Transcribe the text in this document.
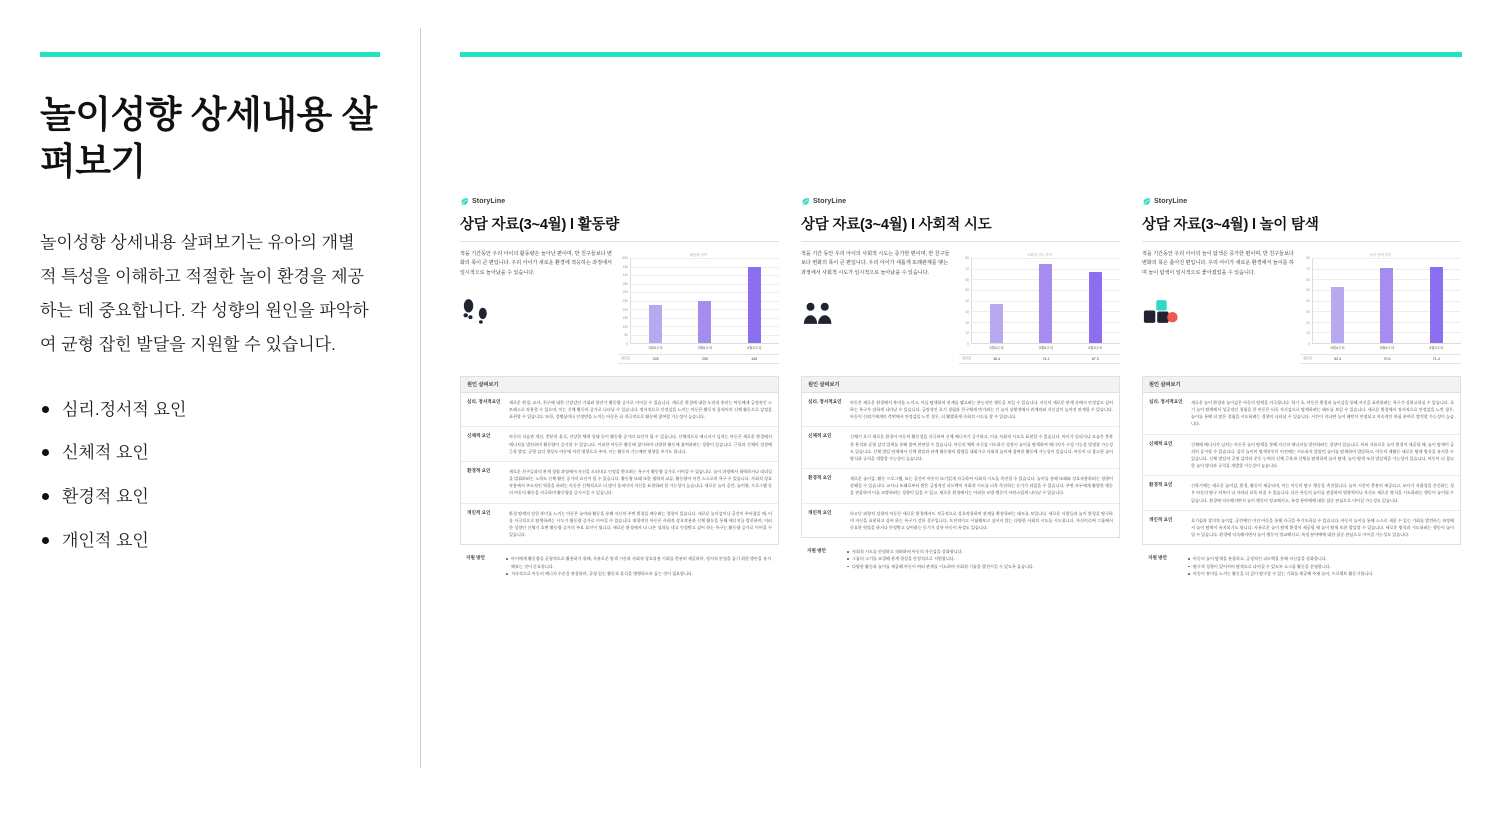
놀이성향 상세내용 살펴보기

놀이성향 상세내용 살펴보기는 유아의 개별적 특성을 이해하고 적절한 놀이 환경을 제공하는 데 중요합니다. 각 성향의 원인을 파악하여 균형 잡힌 발달을 지원할 수 있습니다.

심리.정서적 요인
신체적 요인
환경적 요인
개인적 요인
StoryLine
상담 자료(3~4월) l 활동량

적을 기간동안 우리 아이의 활동량은 놀아난 편이며, 반 친구들보다 변화의 폭이 큰 편입니다. 우리 아이가 새로운 환경에 적응하는 과정에서 일시적으로 놀아났을 수 있습니다.

활동량 추이
500
450
400
350
300
250
200
150
100
50
0
3월4주차	3월6주차	4월3주차
평균값	226	250	445
원인 살펴보기
심리. 정서적요인	새로운 환경, 교사, 친구에 대한 긴장감인 기대와 불안가 활동량 증가로 이어질 수 있습니다. 새로운 환경에 대한 도전과 흥미는 아동에게 긍정적인 스트레스로 작용할 수 있으며, 이는 신체 활동의 증가로 나타날 수 있습니다. 정서적으로 안정감을 느끼는 아동은 활동적 움직이며 신체 활동으로 감정을 표현할 수 있습니다. 또한, 경쟁심이나 인정받을 느끼는 아동은 더 적극적으로 활동에 참여할 가능성이 높습니다.
신체적 요인	아동의 식습관 개선, 충분한 휴식, 건강한 체력 상태 등이 활동량 증가의 요인이 될 수 있습니다. 신체적으로 에너지가 넘치는 아동은 새로운 환경에서 에너지를 발산하며 활동량이 증가할 수 있습니다. 이러한 아동은 활동에 참가하며 다양한 활동에 참여하려는 경향이 있습니다. 근육과 신체의 성장에 근육 발달, 균형 감각 향상도 아동에 이런 영향으로 주며, 이는 활동의 기능에만 영향을 주기도 합니다.
환경적 요인	새로운 친구들과의 관계 경험 과정에서 자신을 드러내고 인정을 받으려는 욕구가 활동량 증가로 이어질 수 있습니다. 놀이 과정에서 협력하거나 리더십을 발휘하려는 노력도 신체 활동 증가의 요인이 될 수 있습니다. 활동량 또래 또한 협력적 교류, 활동량이 이런 스스로의 욕구 수 있습니다. 사회적 상호작용에서 주도적인 역할을 하려는 아동은 신체적으로 더 많이 움직이며 자신을 표현하려 할 가능성이 높습니다. 새로운 놀이 공간, 놀이양, 프로그램 등의 아동의 활동을 자극하며 활동량을 증가시킬 수 있습니다.
개인적 요인	환경 탐색의 강한 흥미를 느끼는 아동은 놀이와 활동을 통해 자신의 주변 환경을 배우려는 경향이 있습니다. 새로운 놀이감이나 공간이 주어졌을 때, 이를 자극적으로 탐색하려는 시도가 활동량 증가로 이어질 수 있습니다. 외향적인 아동은 사회적 상호작용과 신체 활동을 통해 에너지를 발산하며, 이러한 성향인 신체기 호변 활동량 증가의 주요 요인이 됩니다. 새로운 환경에서 더 나은 성과를 내고 인정받고 싶어 하는 욕구는 활동량 증가로 이어질 수 있습니다.
지원 방안	아이에게 활동량을 균형적으로 활용하기 위해, 자유로운 암색 시간과 사회적 상호작용 기회를 충분히 제공하며, 정서적 안정을 돕기 위한 방안을 유지해보는 것이 중요합니다.
지속적으로 아동의 에너지 수준을 관찰하며, 균형 있는 활동과 휴식을 병행하도록 돕는 것이 필요합니다.
StoryLine
상담 자료(3~4월) l 사회적 시도

적을 기간 동안 우리 아이의 사회적 시도는 증가한 편이며, 반 친구들보다 변화의 폭이 큰 편입니다. 우리 아이가 새롭게 또래관계를 맺는 과정에서 사회적 시도가 일시적으로 놀아났을 수 있습니다.

사회적 시도 추이
80
70
60
50
40
30
20
10
0
3월4주차	3월6주차	4월3주차
평균값	36.4	74.1	67.3
원인 살펴보기
심리. 정서적요인	아동은 새로운 환경에서 흥미를 느끼고, 이를 탐색하며 관계를 맺으려는 본능적인 행동을 보일 수 있습니다. 자신의 새로운 관계 속에서 안정감고 싶어 하는 욕구가 강하게 나타날 수 있습니다. 긍정적인 초기 경험과 친구에게 반기려는 긴 놀이 상황적에서 관계의와 자신감이 높아진 관계될 수 있습니다. 아동이 신뢰기에게의 측면에서 안정감을 느낀 경우, 더 활발하게 사회적 시도를 할 수 있습니다.
신체적 요인	신체기 호기 새로운 환경이 아동의 활동성을 자극하여 신체 에너지가 증가하고, 이를 사회적 시도로 표현할 수 있습니다. 아이가 달리거나 모습은 충분한 분석과 균형 감각 있게를 통해 참여 관련할 수 있습니다. 아동의 체력 자신감 시도하기 성장이 놀이를 탐색하여 에너지가 구성 기능을 발생할 가능성도 있습니다. 신체 발달 단계에서 신체 발달과 관계 활동량의 발생을 대회기로 사회적 놀이에 참여한 활동에 가능성이 있습니다. 아동이 더 참고한 놀이 방식과 규칙을 개발할 가능성이 높습니다.
환경적 요인	새로운 놀이감, 활동 프로그램, 또는 공간이 아동이 또기있게 자극하여 사회적 시도를 촉진할 수 있습니다. 놀이를 통해 또래와 상호작용하려는 경향이 강해질 수 있습니다. 교사나 또래로부터 받은 긍정적인 피드백이 사회적 시도를 더욱 촉진하는 동기가 되었을 수 있습니다. 주변 모두에게 활발한 행동을 관찰하며 이를 모방하려는 경향이 있을 수 있고, 새로운 환경에서는 이러한 모방 행동이 자연스럽게 나타날 수 있습니다.
개인적 요인	타고난 외향적 성향의 아동은 새로운 환경에서도 적극적으로 상호작용하며 관계를 확장하려는 태도를 보입니다. 새로운 사람들과 놀이 환경을 탐구하며 자신을 표현하고 싶어 하는 욕구가 강한 경우입니다. 도전적이고 시험해보고 싶어지 않는 다양한 사회적 시도를 시도합니다. 자신이로써 그룹에서 중요한 역할을 하거나 안정받고 싶어하는 동기가 강한 아동이 특성도 있습니다.
지원 방안	사회적 시도를 안정하고 격려하며 아동의 자신감을 강화합니다.
그룹의 크기를 조절해 관계 형성을 안정적으로 지원합니다.
다양한 활동과 놀이를 제공해 아동이 여러 관계를 시도하며 사회적 기술을 발전시킬 수 있도록 돕습니다.
StoryLine
상담 자료(3~4월) l 놀이 탐색

적을 기간동안 우리 아이의 놀이 탐색은 증가한 편이며, 반 친구들보다 변화의 폭은 좁아진 편입니다. 우리 아이가 새로운 환경에서 놀이를 하며 놀이 탐색이 일시적으로 좋아졌었을 수 있습니다.

놀이 탐색 추이
80
70
60
50
40
30
20
10
0
3월4주차	3월6주차	4월3주차
평균값	52.3	70.5	71.4
원인 살펴보기
심리. 정서적요인	새로운 놀이 환경과 놀이감은 아동의 탐색을 자극합니다. 학기 초, 아동은 환경과 놀이감을 통해 자신을 표현하려는 욕구가 강하고하실 수 있습니다. 초기 놀이 탐색에서 성공적인 경험을 한 아동은 더욱 자신감으로 탐색하려는 태도를 보일 수 있습니다. 새로운 환경에서 정서적으로 안정감을 느낀 경우, 놀이를 통해 더 많은 경험을 시도하려는 경향이 나타날 수 있습니다. 시간이 지나면 놀이 패턴이 안정되고 지속적인 관심 분야로 발전할 가능성이 높습니다.
신체적 요인	신체에 에너지가 넘치는 아동은 놀이 탐색을 통해 자신의 에너지를 발산하려는 경향이 있습니다. 특히 자유로운 놀이 환경이 제공될 때, 놀이 탐색이 급격히 증가할 수 있습니다. 감각 놀이이 탐색적인이 이전에는 시도하지 않았던 놀이를 탐색하며 발달하고, 아동의 재활동 새로운 탐색 방식을 유지한 수 있습니다. 신체 발달의 균형 감각과 운동 능력의 신체 근육과 신체를 탐색하게 놀이 탐색, 놀이 탐색 또한 발달력을 가능성이 있습니다. 아동이 더 참고한 놀이 방식과 규칙을 개발할 가능성이 높습니다.
환경적 요인	신학기에는 새로운 놀이감, 환경, 활동이 제공되며, 이는 아동이 탐구 행동을 촉진합니다. 놀이 시간이 충분히 제공되고, 교사가 자율성을 존중하는 경우 아동의 탐구 의욕이 더 자라되 더욱 커질 수 있습니다. 다른 아동의 놀이를 관찰하며 영향력이나 자신도 새로운 방식을 시도하려는 행동이 놀이될 수 있습니다. 환경에 익숙해지면서 놀이 행동이 정교해지고, 특정 분야에에 대한 집중 관심으로 이어질 가능성도 있습니다.
개인적 요인	호기심과 창의적 놀이감, 공간에인 이건 아동을 통해 자극을 주기도하실 수 있습니다. 아동이 놀이를 통해 스스로 세움 수 있는 기회를 발견하는 과정에서 놀이 탐색이 유지되기도 합니다. 자유로운 놀이 탐색 환경이 제공될 때 놀이 탐색 또한 발달할 수 있습니다. 새로운 방식과 시도하려는 행동이 놀이될 수 있습니다. 환경에 익숙해지면서 놀이 행동이 정교해지고, 특정 분야에에 대한 집중 관심으로 이어질 가능성도 있습니다.
지원 방안	아동의 놀이 탐색을 관찰하고, 긍정적인 피드백을 통해 자신감을 강화합니다.
탐구적 성향이 있어지며 탐색으로 다어질 수 있도록 소그룹 활동을 운영합니다.
아동이 흥미를 느끼는 활동을 더 깊이 탐구할 수 있는 기회를 제공해 주제 놀이, 프로젝트 활동기합니다.
